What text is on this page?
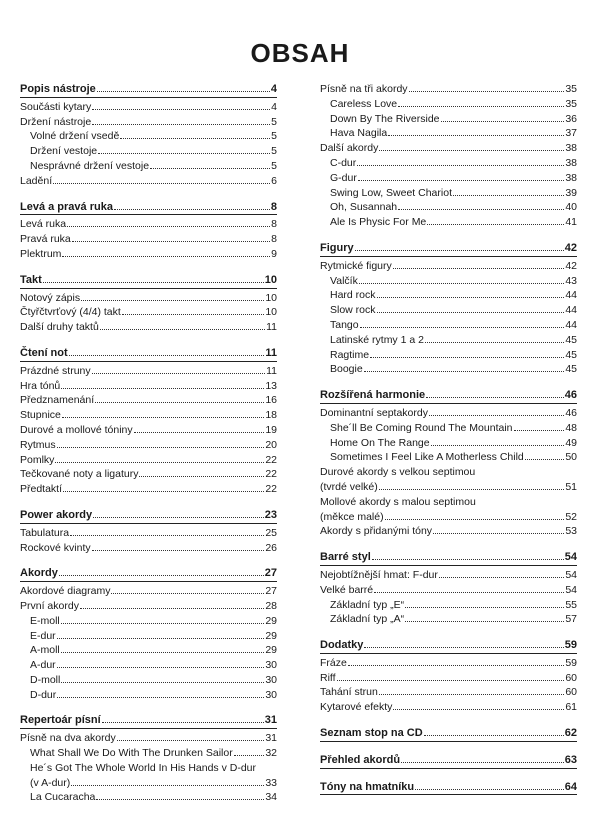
OBSAH
Popis nástroje	4
Součásti kytary	4
Držení nástroje	5
Volné držení vsedě	5
Držení vestoje	5
Nesprávné držení vestoje	5
Ladění	6
Levá a pravá ruka	8
Levá ruka	8
Pravá ruka	8
Plektrum	9
Takt	10
Notový zápis	10
Čtyřčtvrťový (4/4) takt	10
Další druhy taktů	11
Čtení not	11
Prázdné struny	11
Hra tónů	13
Předznamenání	16
Stupnice	18
Durové a mollové tóniny	19
Rytmus	20
Pomlky	22
Tečkované noty a ligatury	22
Předtaktí	22
Power akordy	23
Tabulatura	25
Rockové kvinty	26
Akordy	27
Akordové diagramy	27
První akordy	28
E-moll	29
E-dur	29
A-moll	29
A-dur	30
D-moll	30
D-dur	30
Repertoár písní	31
Písně na dva akordy	31
What Shall We Do With The Drunken Sailor	32
He´s Got The Whole World In His Hands v D-dur
(v A-dur)	33
La Cucaracha	34
Písně na tři akordy	35
Careless Love	35
Down By The Riverside	36
Hava Nagila	37
Další akordy	38
C-dur	38
G-dur	38
Swing Low, Sweet Chariot	39
Oh, Susannah	40
Ale Is Physic For Me	41
Figury	42
Rytmické figury	42
Valčík	43
Hard rock	44
Slow rock	44
Tango	44
Latinské rytmy 1 a 2	45
Ragtime	45
Boogie	45
Rozšířená harmonie	46
Dominantní septakordy	46
She´ll Be Coming Round The Mountain	48
Home On The Range	49
Sometimes I Feel Like A Motherless Child	50
Durové akordy s velkou septimou
(tvrdé velké)	51
Mollové akordy s malou septimou
(měkce malé)	52
Akordy s přidanými tóny	53
Barré styl	54
Nejobtížnější hmat: F-dur	54
Velké barré	54
Základní typ „E“	55
Základní typ „A“	57
Dodatky	59
Fráze	59
Riff	60
Tahání strun	60
Kytarové efekty	61
Seznam stop na CD	62
Přehled akordů	63
Tóny na hmatníku	64
